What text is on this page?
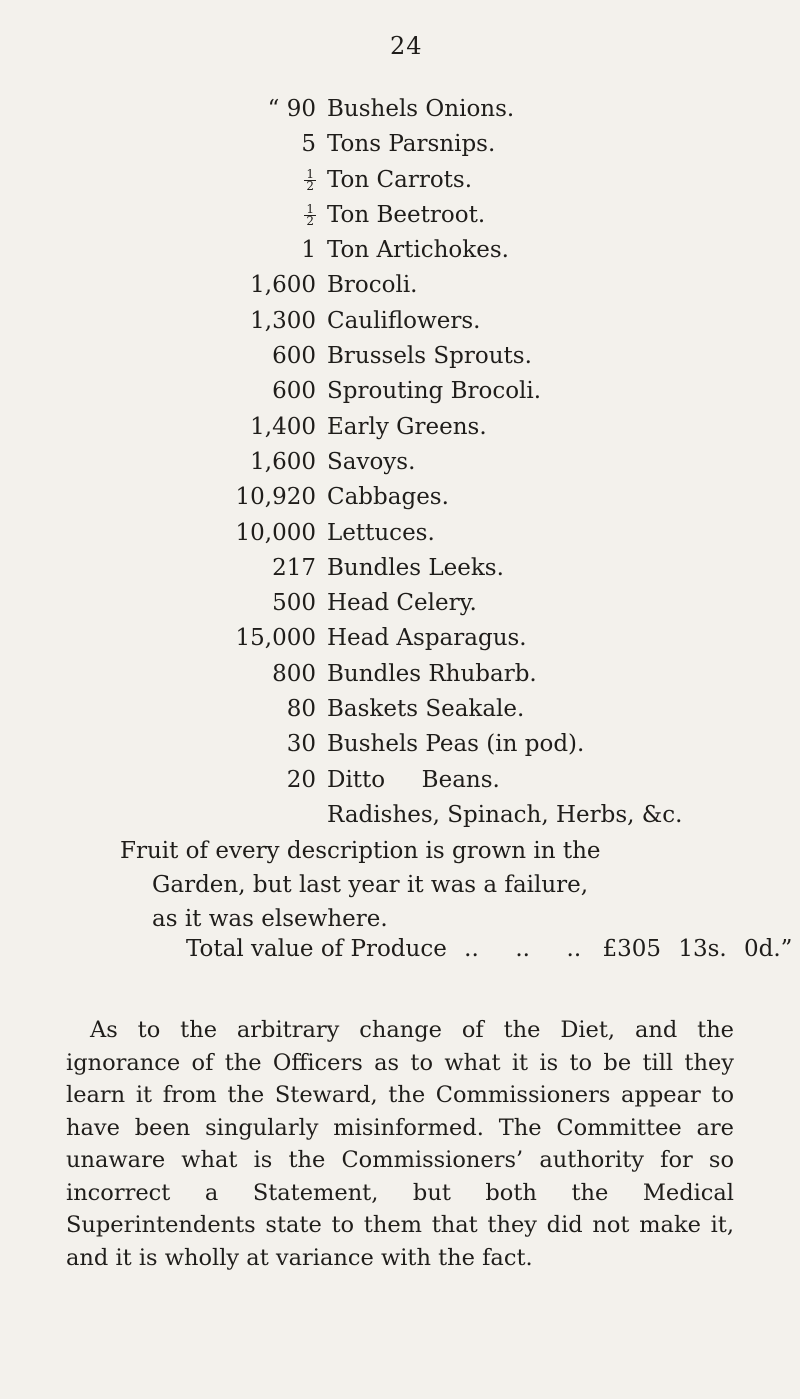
24
“ 90 Bushels Onions.
5 Tons Parsnips.
$\frac{1}{2}$ Ton Carrots.
$\frac{1}{2}$ Ton Beetroot.
1 Ton Artichokes.
1,600 Brocoli.
1,300 Cauliflowers.
600 Brussels Sprouts.
600 Sprouting Brocoli.
1,400 Early Greens.
1,600 Savoys.
10,920 Cabbages.
10,000 Lettuces.
217 Bundles Leeks.
500 Head Celery.
15,000 Head Asparagus.
800 Bundles Rhubarb.
80 Baskets Seakale.
30 Bushels Peas (in pod).
20 Ditto     Beans.
Radishes, Spinach, Herbs, &c.
Fruit of every description is grown in the
Garden, but last year it was a failure,
as it was elsewhere.
Total value of Produce ..     ..     .. £305 13s. 0d.”

As to the arbitrary change of the Diet, and the ignorance of the Officers as to what it is to be till they learn it from the Steward, the Commissioners appear to have been singularly misinformed. The Committee are unaware what is the Commissioners’ authority for so incorrect a Statement, but both the Medical Superintendents state to them that they did not make it, and it is wholly at variance with the fact.
